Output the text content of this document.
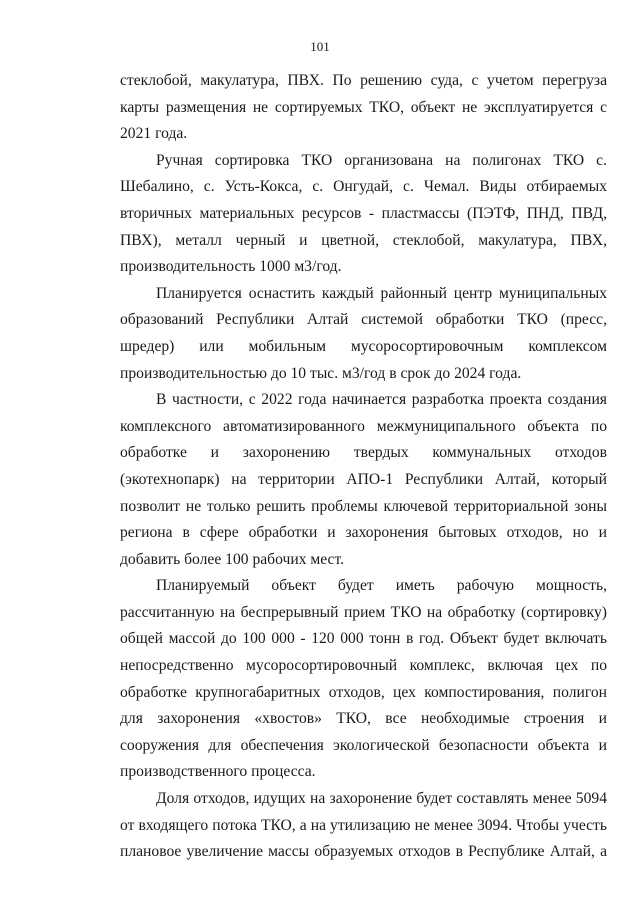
101
стеклобой, макулатура, ПВХ. По решению суда, с учетом перегруза
карты размещения не сортируемых ТКО, объект не эксплуатируется с
2021 года.
Ручная сортировка ТКО организована на полигонах ТКО с.
Шебалино, с. Усть-Кокса, с. Онгудай, с. Чемал. Виды отбираемых
вторичных материальных ресурсов - пластмассы (ПЭТФ, ПНД, ПВД,
ПВХ), металл черный и цветной, стеклобой, макулатура, ПВХ,
производительность 1000 м3/год.
Планируется оснастить каждый районный центр муниципальных
образований Республики Алтай системой обработки ТКО (пресс,
шредер) или мобильным мусоросортировочным комплексом
производительностью до 10 тыс. м3/год в срок до 2024 года.
В частности, с 2022 года начинается разработка проекта создания
комплексного автоматизированного межмуниципального объекта по
обработке и захоронению твердых коммунальных отходов
(экотехнопарк) на территории АПО-1 Республики Алтай, который
позволит не только решить проблемы ключевой территориальной зоны
региона в сфере обработки и захоронения бытовых отходов, но и
добавить более 100 рабочих мест.
Планируемый объект будет иметь рабочую мощность,
рассчитанную на беспрерывный прием ТКО на обработку (сортировку)
общей массой до 100 000 - 120 000 тонн в год. Объект будет включать
непосредственно мусоросортировочный комплекс, включая цех по
обработке крупногабаритных отходов, цех компостирования, полигон
для захоронения «хвостов» ТКО, все необходимые строения и
сооружения для обеспечения экологической безопасности объекта и
производственного процесса.
Доля отходов, идущих на захоронение будет составлять менее 5094
от входящего потока ТКО, а на утилизацию не менее 3094. Чтобы учесть
плановое увеличение массы образуемых отходов в Республике Алтай, а
